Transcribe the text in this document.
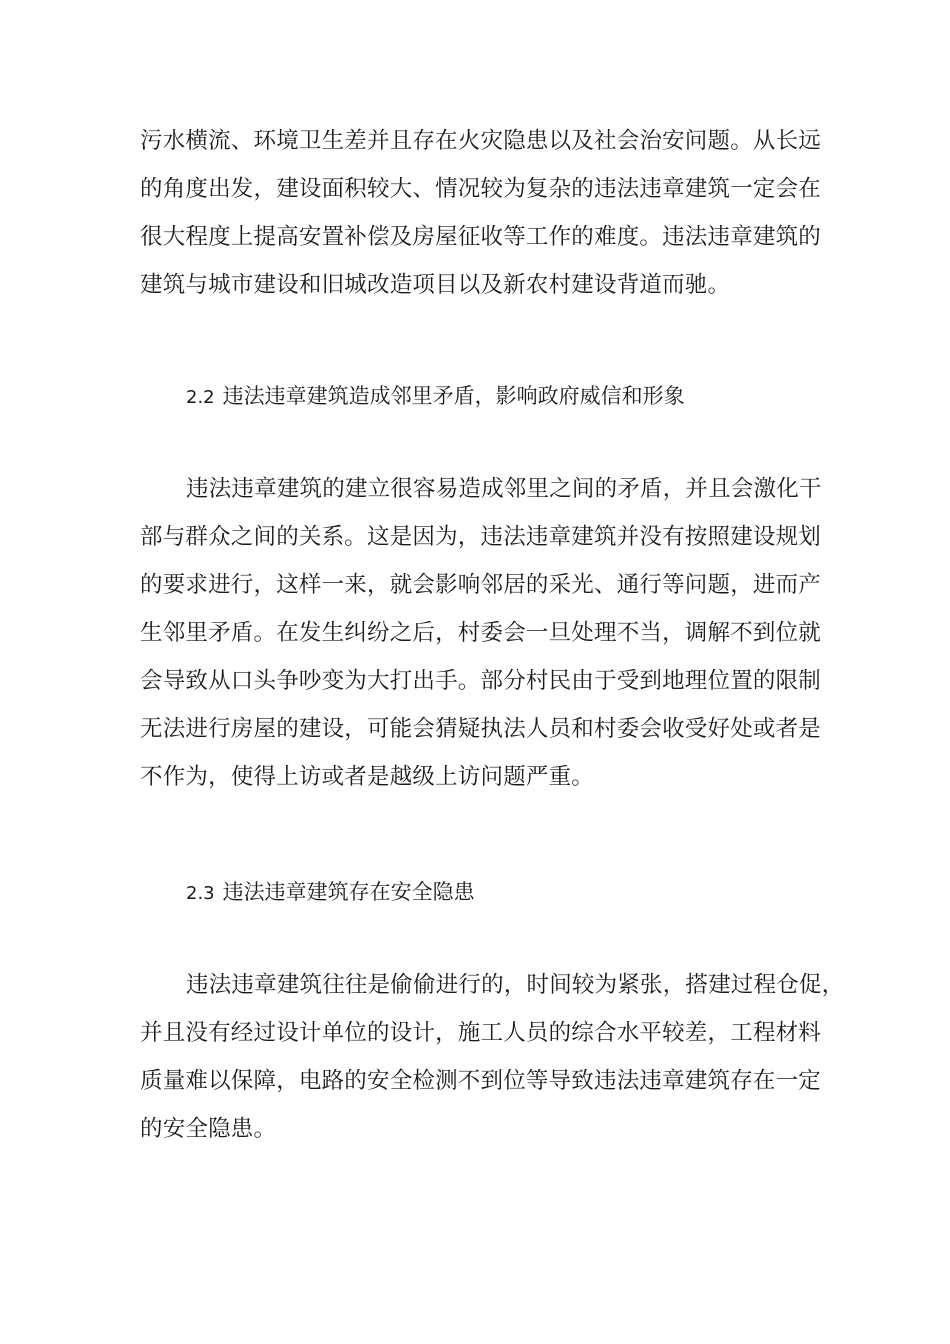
污水横流、环境卫生差并且存在火灾隐患以及社会治安问题。从长远
的角度出发，建设面积较大、情况较为复杂的违法违章建筑一定会在
很大程度上提高安置补偿及房屋征收等工作的难度。违法违章建筑的
建筑与城市建设和旧城改造项目以及新农村建设背道而驰。
2.2 违法违章建筑造成邻里矛盾，影响政府威信和形象
违法违章建筑的建立很容易造成邻里之间的矛盾，并且会激化干
部与群众之间的关系。这是因为，违法违章建筑并没有按照建设规划
的要求进行，这样一来，就会影响邻居的采光、通行等问题，进而产
生邻里矛盾。在发生纠纷之后，村委会一旦处理不当，调解不到位就
会导致从口头争吵变为大打出手。部分村民由于受到地理位置的限制
无法进行房屋的建设，可能会猜疑执法人员和村委会收受好处或者是
不作为，使得上访或者是越级上访问题严重。
2.3 违法违章建筑存在安全隐患
违法违章建筑往往是偷偷进行的，时间较为紧张，搭建过程仓促，
并且没有经过设计单位的设计，施工人员的综合水平较差，工程材料
质量难以保障，电路的安全检测不到位等导致违法违章建筑存在一定
的安全隐患。
